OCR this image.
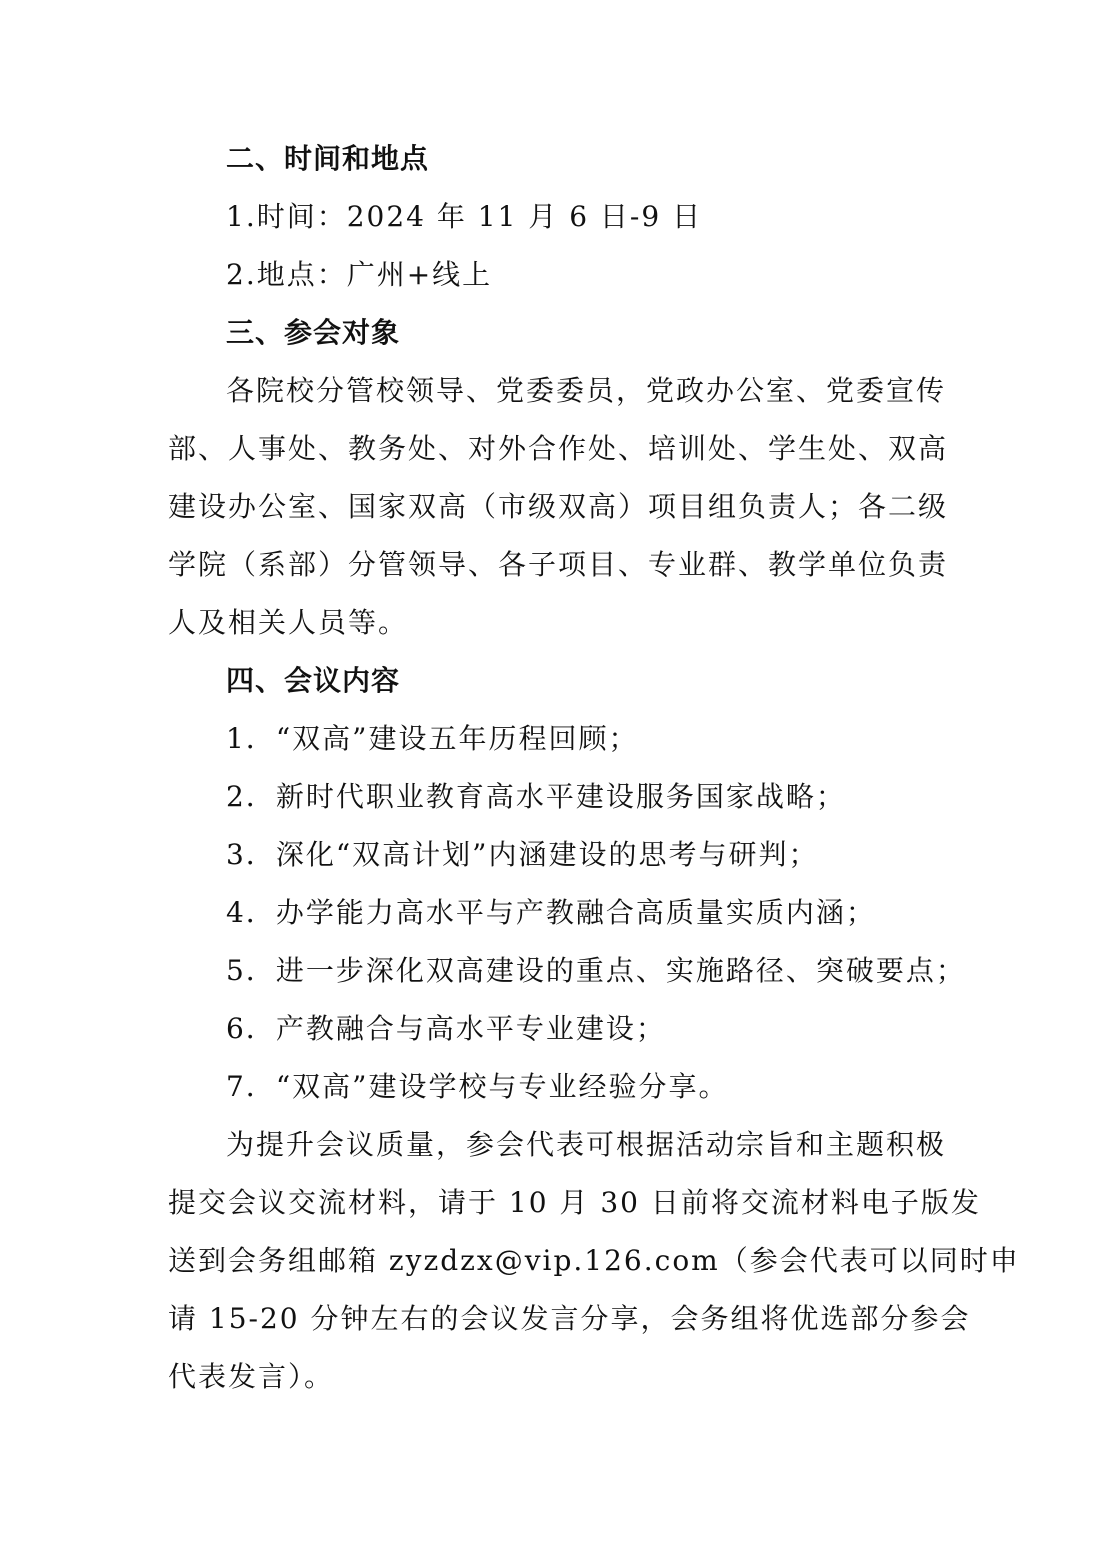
二、时间和地点
1.时间：2024 年 11 月 6 日-9 日
2.地点：广州+线上
三、参会对象
各院校分管校领导、党委委员，党政办公室、党委宣传
部、人事处、教务处、对外合作处、培训处、学生处、双高
建设办公室、国家双高（市级双高）项目组负责人；各二级
学院（系部）分管领导、各子项目、专业群、教学单位负责
人及相关人员等。
四、会议内容
1．“双高”建设五年历程回顾；
2．新时代职业教育高水平建设服务国家战略；
3．深化“双高计划”内涵建设的思考与研判；
4．办学能力高水平与产教融合高质量实质内涵；
5．进一步深化双高建设的重点、实施路径、突破要点；
6．产教融合与高水平专业建设；
7．“双高”建设学校与专业经验分享。
为提升会议质量，参会代表可根据活动宗旨和主题积极
提交会议交流材料，请于 10 月 30 日前将交流材料电子版发
送到会务组邮箱 zyzdzx@vip.126.com（参会代表可以同时申
请 15-20 分钟左右的会议发言分享，会务组将优选部分参会
代表发言）。
